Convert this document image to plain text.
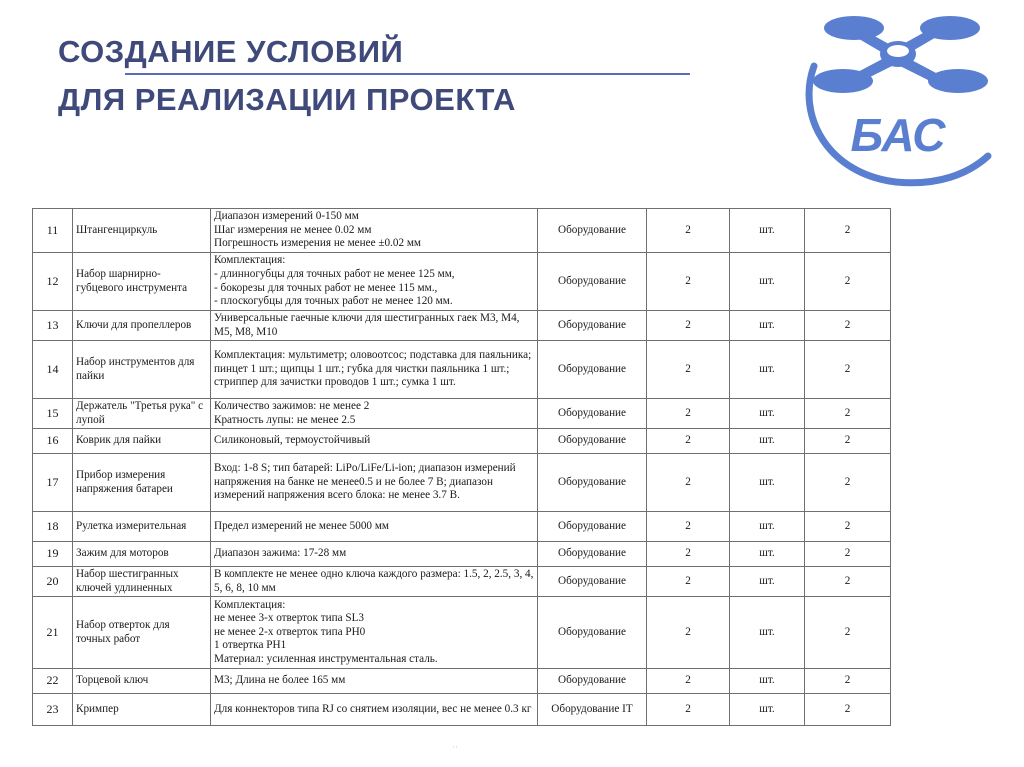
СОЗДАНИЕ УСЛОВИЙ
ДЛЯ РЕАЛИЗАЦИИ ПРОЕКТА
БАС
11	Штангенциркуль	Диапазон измерений 0-150 мм
Шаг измерения не менее 0.02 мм
Погрешность измерения не менее ±0.02 мм	Оборудование	2	шт.	2
12	Набор шарнирно-губцевого инструмента	Комплектация:
- длинногубцы для точных работ не менее 125 мм,
- бокорезы для точных работ не менее 115 мм.,
- плоскогубцы для точных работ не менее 120 мм.	Оборудование	2	шт.	2
13	Ключи для пропеллеров	Универсальные гаечные ключи для шестигранных гаек М3, М4, М5, М8, М10	Оборудование	2	шт.	2
14	Набор инструментов для пайки	Комплектация: мультиметр; оловоотсос; подставка для паяльника; пинцет 1 шт.; щипцы 1 шт.; губка для чистки паяльника 1 шт.; стриппер для зачистки проводов 1 шт.; сумка 1 шт.	Оборудование	2	шт.	2
15	Держатель "Третья рука" с лупой	Количество зажимов: не менее 2
Кратность лупы: не менее 2.5	Оборудование	2	шт.	2
16	Коврик для пайки	Силиконовый, термоустойчивый	Оборудование	2	шт.	2
17	Прибор измерения напряжения батареи	Вход: 1-8 S; тип батарей: LiPo/LiFe/Li-ion; диапазон измерений напряжения на банке не менее0.5 и не более 7 В; диапазон измерений напряжения всего блока: не менее 3.7 В.	Оборудование	2	шт.	2
18	Рулетка измерительная	Предел измерений не менее 5000 мм	Оборудование	2	шт.	2
19	Зажим для моторов	Диапазон зажима: 17-28 мм	Оборудование	2	шт.	2
20	Набор шестигранных ключей удлиненных	В комплекте не менее одно ключа каждого размера: 1.5, 2, 2.5, 3, 4, 5, 6, 8, 10 мм	Оборудование	2	шт.	2
21	Набор отверток для точных работ	Комплектация:
не менее 3-х отверток типа SL3
не менее 2-х отверток типа PH0
1 отвертка PH1
Материал: усиленная инструментальная сталь.	Оборудование	2	шт.	2
22	Торцевой ключ	М3; Длина не более 165 мм	Оборудование	2	шт.	2
23	Кримпер	Для коннекторов типа RJ со снятием изоляции, вес не менее 0.3 кг	Оборудование IT	2	шт.	2
··
